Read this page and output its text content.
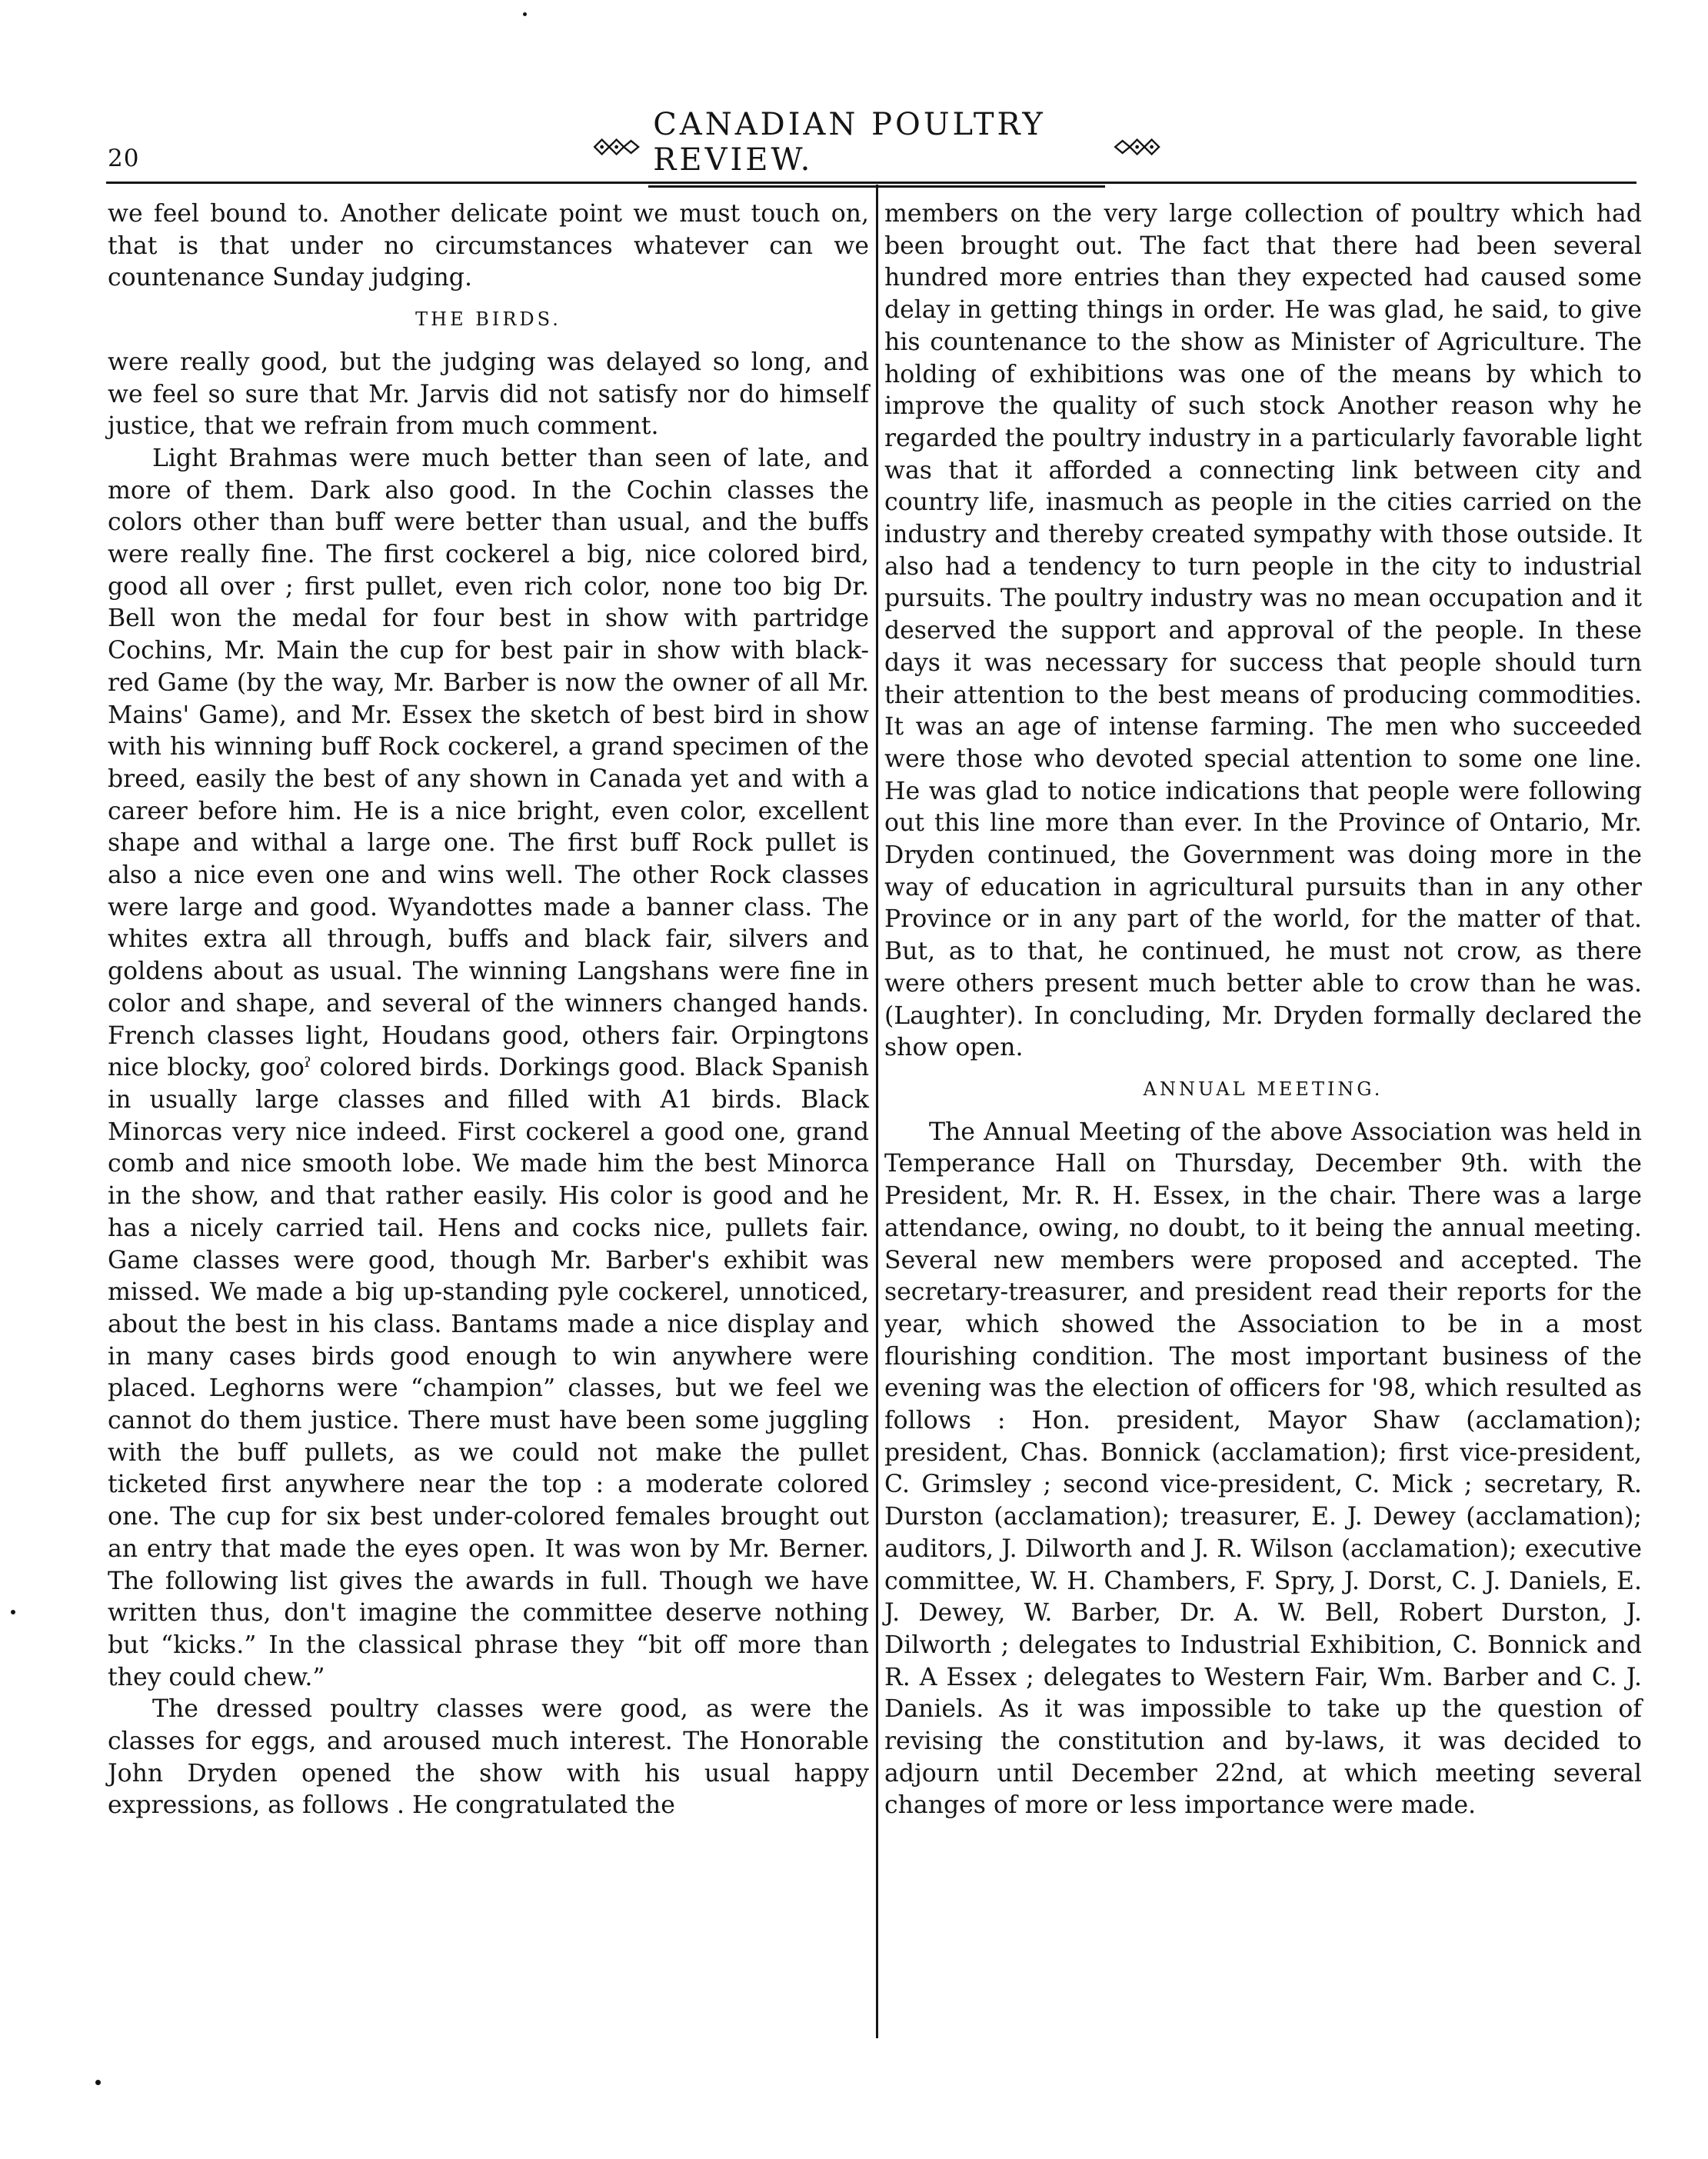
20
CANADIAN POULTRY REVIEW.

we feel bound to. Another delicate point we must touch on, that is that under no circumstances whatever can we countenance Sunday judging.

THE BIRDS.

were really good, but the judging was delayed so long, and we feel so sure that Mr. Jarvis did not satisfy nor do himself justice, that we refrain from much comment.

Light Brahmas were much better than seen of late, and more of them. Dark also good. In the Cochin classes the colors other than buff were better than usual, and the buffs were really fine. The first cockerel a big, nice colored bird, good all over ; first pullet, even rich color, none too big Dr. Bell won the medal for four best in show with partridge Cochins, Mr. Main the cup for best pair in show with black-red Game (by the way, Mr. Barber is now the owner of all Mr. Mains' Game), and Mr. Essex the sketch of best bird in show with his winning buff Rock cockerel, a grand specimen of the breed, easily the best of any shown in Canada yet and with a career before him. He is a nice bright, even color, excellent shape and withal a large one. The first buff Rock pullet is also a nice even one and wins well. The other Rock classes were large and good. Wyandottes made a banner class. The whites extra all through, buffs and black fair, silvers and goldens about as usual. The winning Langshans were fine in color and shape, and several of the winners changed hands. French classes light, Houdans good, others fair. Orpingtons nice blocky, gooˀ colored birds. Dorkings good. Black Spanish in usually large classes and filled with A1 birds. Black Minorcas very nice indeed. First cockerel a good one, grand comb and nice smooth lobe. We made him the best Minorca in the show, and that rather easily. His color is good and he has a nicely carried tail. Hens and cocks nice, pullets fair. Game classes were good, though Mr. Barber's exhibit was missed. We made a big up-standing pyle cockerel, unnoticed, about the best in his class. Bantams made a nice display and in many cases birds good enough to win anywhere were placed. Leghorns were “champion” classes, but we feel we cannot do them justice. There must have been some juggling with the buff pullets, as we could not make the pullet ticketed first anywhere near the top : a moderate colored one. The cup for six best under-colored females brought out an entry that made the eyes open. It was won by Mr. Berner. The following list gives the awards in full. Though we have written thus, don't imagine the committee deserve nothing but “kicks.” In the classical phrase they “bit off more than they could chew.”

The dressed poultry classes were good, as were the classes for eggs, and aroused much interest. The Honorable John Dryden opened the show with his usual happy expressions, as follows . He congratulated the

members on the very large collection of poultry which had been brought out. The fact that there had been several hundred more entries than they expected had caused some delay in getting things in order. He was glad, he said, to give his countenance to the show as Minister of Agriculture. The holding of exhibitions was one of the means by which to improve the quality of such stock Another reason why he regarded the poultry industry in a particularly favorable light was that it afforded a connecting link between city and country life, inasmuch as people in the cities carried on the industry and thereby created sympathy with those outside. It also had a tendency to turn people in the city to industrial pursuits. The poultry industry was no mean occupation and it deserved the support and approval of the people. In these days it was necessary for success that people should turn their attention to the best means of producing commodities. It was an age of intense farming. The men who succeeded were those who devoted special attention to some one line. He was glad to notice indications that people were following out this line more than ever. In the Province of Ontario, Mr. Dryden continued, the Government was doing more in the way of education in agricultural pursuits than in any other Province or in any part of the world, for the matter of that. But, as to that, he continued, he must not crow, as there were others present much better able to crow than he was. (Laughter). In concluding, Mr. Dryden formally declared the show open.

ANNUAL MEETING.

The Annual Meeting of the above Association was held in Temperance Hall on Thursday, December 9th. with the President, Mr. R. H. Essex, in the chair. There was a large attendance, owing, no doubt, to it being the annual meeting. Several new members were proposed and accepted. The secretary-treasurer, and president read their reports for the year, which showed the Association to be in a most flourishing condition. The most important business of the evening was the election of officers for '98, which resulted as follows : Hon. president, Mayor Shaw (acclamation); president, Chas. Bonnick (acclamation); first vice-president, C. Grimsley ; second vice-president, C. Mick ; secretary, R. Durston (acclamation); treasurer, E. J. Dewey (acclamation); auditors, J. Dilworth and J. R. Wilson (acclamation); executive committee, W. H. Chambers, F. Spry, J. Dorst, C. J. Daniels, E. J. Dewey, W. Barber, Dr. A. W. Bell, Robert Durston, J. Dilworth ; delegates to Industrial Exhibition, C. Bonnick and R. A Essex ; delegates to Western Fair, Wm. Barber and C. J. Daniels. As it was impossible to take up the question of revising the constitution and by-laws, it was decided to adjourn until December 22nd, at which meeting several changes of more or less importance were made.
